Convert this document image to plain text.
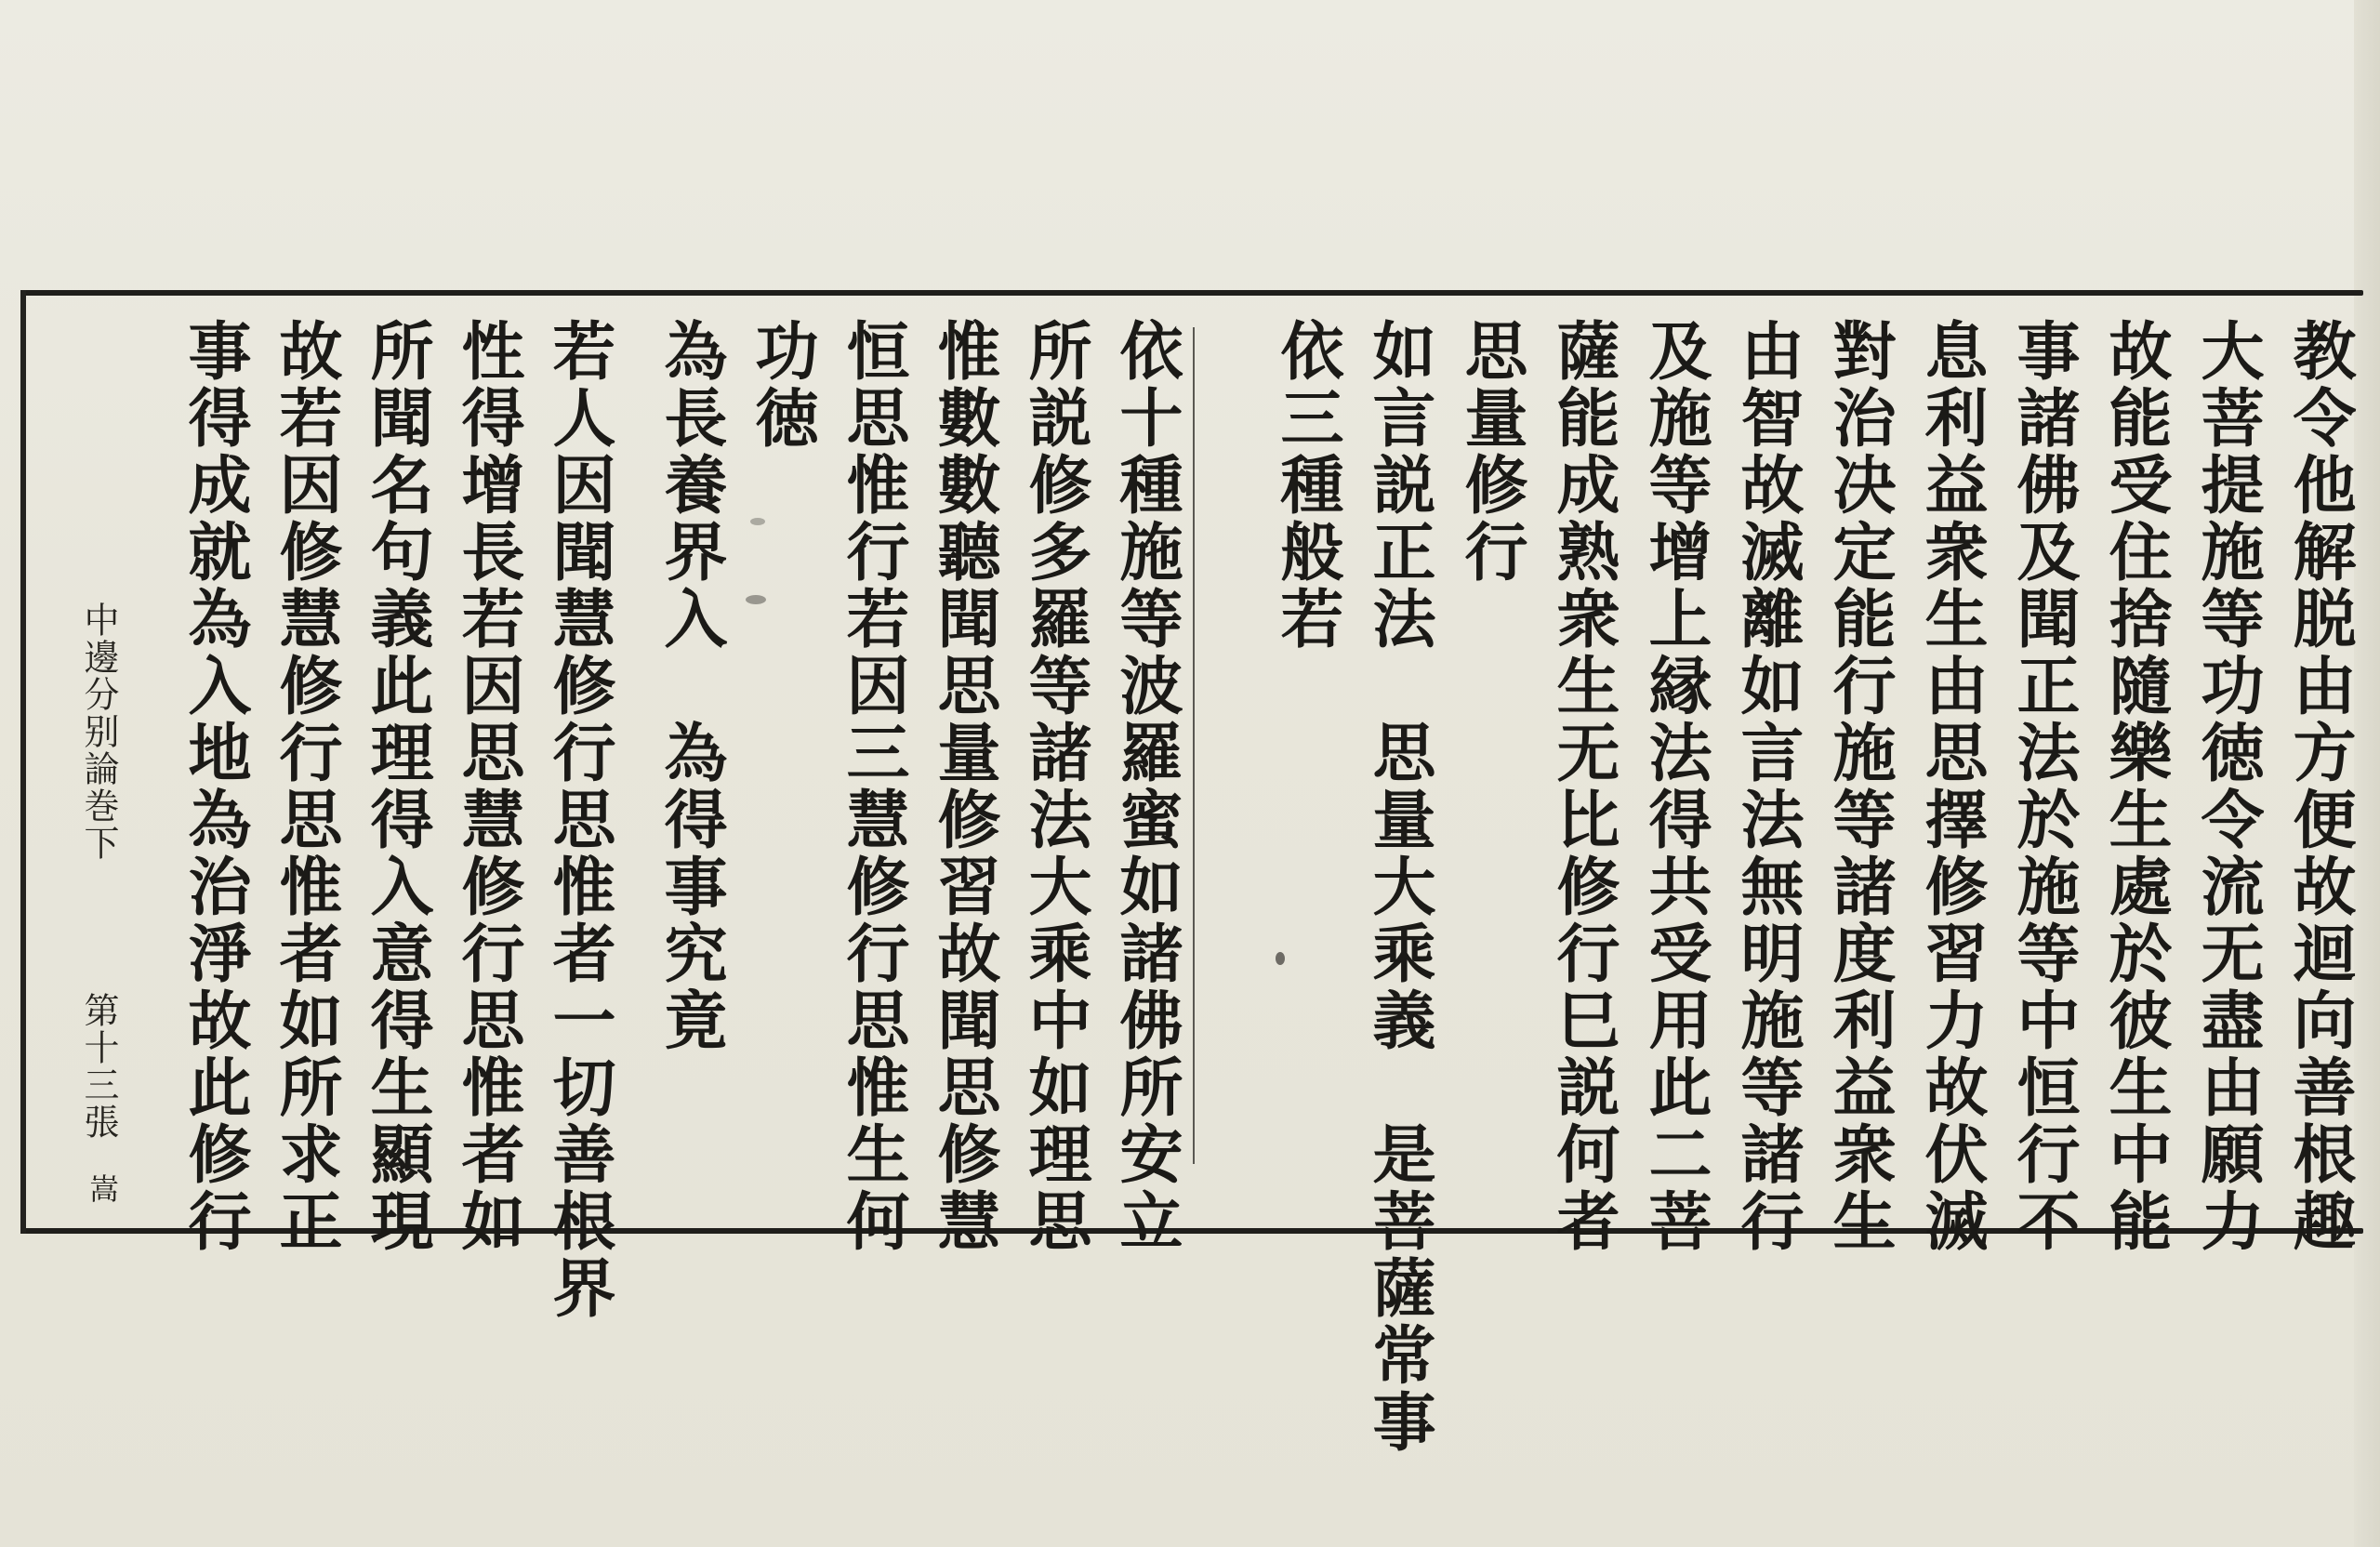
教令他解脱由方便故迴向善根趣
大菩提施等功徳令流无盡由願力
故能受住捨隨樂生處於彼生中能
事諸佛及聞正法於施等中恒行不
息利益衆生由思擇修習力故伏滅
對治决定能行施等諸度利益衆生
由智故滅離如言法無明施等諸行
及施等增上縁法得共受用此二菩
薩能成熟衆生无比修行巳説何者
思量修行
如言説正法　思量大乘義　是菩薩常事
依三種般若
依十種施等波羅蜜如諸佛所安立
所説修多羅等諸法大乘中如理思
惟數數聽聞思量修習故聞思修慧
恒思惟行若因三慧修行思惟生何
功徳
為長養界入　為得事究竟
若人因聞慧修行思惟者一切善根界
性得增長若因思慧修行思惟者如
所聞名句義此理得入意得生顯現
故若因修慧修行思惟者如所求正
事得成就為入地為治淨故此修行
中邊分别論巻下
第十三張
嵩
